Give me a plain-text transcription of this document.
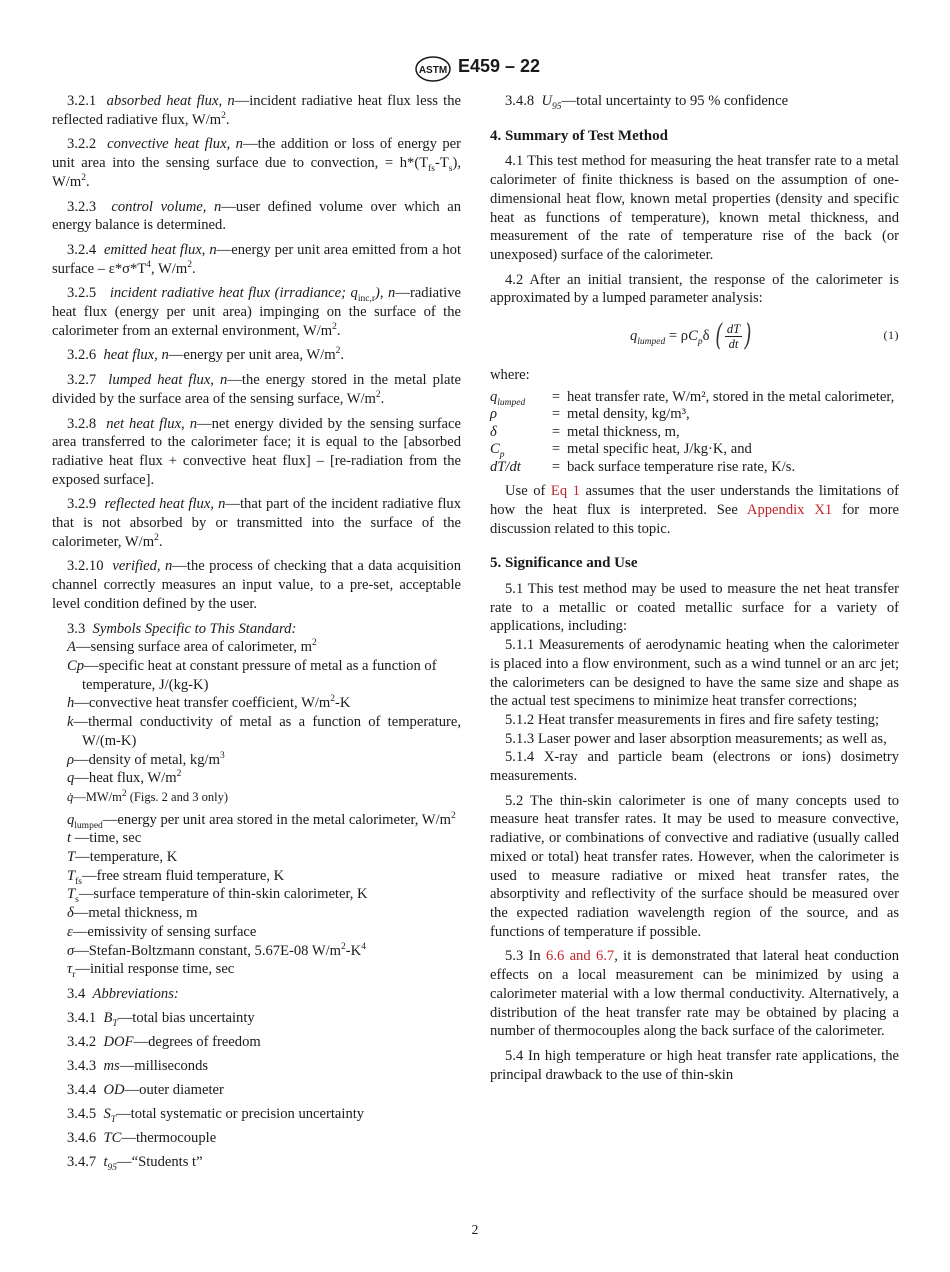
ASTM E459 – 22

3.2.1 absorbed heat flux, n—incident radiative heat flux less the reflected radiative flux, $W/m^2$.

3.2.2 convective heat flux, n—the addition or loss of energy per unit area into the sensing surface due to convection, = $h*(T_{fs}-T_s)$, $W/m^2$.

3.2.3 control volume, n—user defined volume over which an energy balance is determined.

3.2.4 emitted heat flux, n—energy per unit area emitted from a hot surface – $\varepsilon*\sigma*T^4$, $W/m^2$.

3.2.5 incident radiative heat flux (irradiance; $q_{inc,r}$), n—radiative heat flux (energy per unit area) impinging on the surface of the calorimeter from an external environment, $W/m^2$.

3.2.6 heat flux, n—energy per unit area, $W/m^2$.

3.2.7 lumped heat flux, n—the energy stored in the metal plate divided by the surface area of the sensing surface, $W/m^2$.

3.2.8 net heat flux, n—net energy divided by the sensing surface area transferred to the calorimeter face; it is equal to the [absorbed radiative heat flux + convective heat flux] – [re-radiation from the exposed surface].

3.2.9 reflected heat flux, n—that part of the incident radiative flux that is not absorbed by or transmitted into the surface of the calorimeter, $W/m^2$.

3.2.10 verified, n—the process of checking that a data acquisition channel correctly measures an input value, to a pre-set, acceptable level condition defined by the user.

3.3 Symbols Specific to This Standard:

A—sensing surface area of calorimeter, $m^2$

Cp—specific heat at constant pressure of metal as a function of temperature, J/(kg-K)

h—convective heat transfer coefficient, $W/m^2-K$

k—thermal conductivity of metal as a function of temperature, W/(m-K)

ρ—density of metal, $kg/m^3$

q—heat flux, $W/m^2$

$q̇—MW/m^2$ (Figs. 2 and 3 only)

$q_{lumped}—energy$ per unit area stored in the metal calorimeter, $W/m^2$

t —time, sec

T—temperature, K

$T_{fs}—free$ stream fluid temperature, K

$T_s—surface$ temperature of thin-skin calorimeter, K

δ—metal thickness, m

ε—emissivity of sensing surface

σ—Stefan-Boltzmann constant, 5.67E-08 $W/m^2-K^4$

$\tau_r—initial$ response time, sec

3.4 Abbreviations:

3.4.1 $B_T—total$ bias uncertainty

3.4.2 DOF—degrees of freedom

3.4.3 ms—milliseconds

3.4.4 OD—outer diameter

3.4.5 $S_T—total$ systematic or precision uncertainty

3.4.6 TC—thermocouple

3.4.7 $t_{95}—“Students$ t”

3.4.8 $U_{95}—total$ uncertainty to 95 % confidence

4. Summary of Test Method

4.1 This test method for measuring the heat transfer rate to a metal calorimeter of finite thickness is based on the assumption of one-dimensional heat flow, known metal properties (density and specific heat as functions of temperature), known metal thickness, and measurement of the rate of temperature rise of the back (or unexposed) surface of the calorimeter.

4.2 After an initial transient, the response of the calorimeter is approximated by a lumped parameter analysis:

$q_{lumped} = \rho C_p\delta$ ( $\frac{dT}{dt}$ )	(1)

where:

$q_{lumped}$	=	heat transfer rate, W/m², stored in the metal calorimeter,
ρ	=	metal density, kg/m³,
δ	=	metal thickness, m,
$C_p$	=	metal specific heat, J/kg·K, and
dT/dt	=	back surface temperature rise rate, K/s.

Use of Eq 1 assumes that the user understands the limitations of how the heat flux is interpreted. See Appendix X1 for more discussion related to this topic.

5. Significance and Use

5.1 This test method may be used to measure the net heat transfer rate to a metallic or coated metallic surface for a variety of applications, including:

5.1.1 Measurements of aerodynamic heating when the calorimeter is placed into a flow environment, such as a wind tunnel or an arc jet; the calorimeters can be designed to have the same size and shape as the actual test specimens to minimize heat transfer corrections;

5.1.2 Heat transfer measurements in fires and fire safety testing;

5.1.3 Laser power and laser absorption measurements; as well as,

5.1.4 X-ray and particle beam (electrons or ions) dosimetry measurements.

5.2 The thin-skin calorimeter is one of many concepts used to measure heat transfer rates. It may be used to measure convective, radiative, or combinations of convective and radiative (usually called mixed or total) heat transfer rates. However, when the calorimeter is used to measure radiative or mixed heat transfer rates, the absorptivity and reflectivity of the surface should be measured over the expected radiation wavelength region of the source, and as functions of temperature if possible.

5.3 In 6.6 and 6.7, it is demonstrated that lateral heat conduction effects on a local measurement can be minimized by using a calorimeter material with a low thermal conductivity. Alternatively, a distribution of the heat transfer rate may be obtained by placing a number of thermocouples along the back surface of the calorimeter.

5.4 In high temperature or high heat transfer rate applications, the principal drawback to the use of thin-skin

2
